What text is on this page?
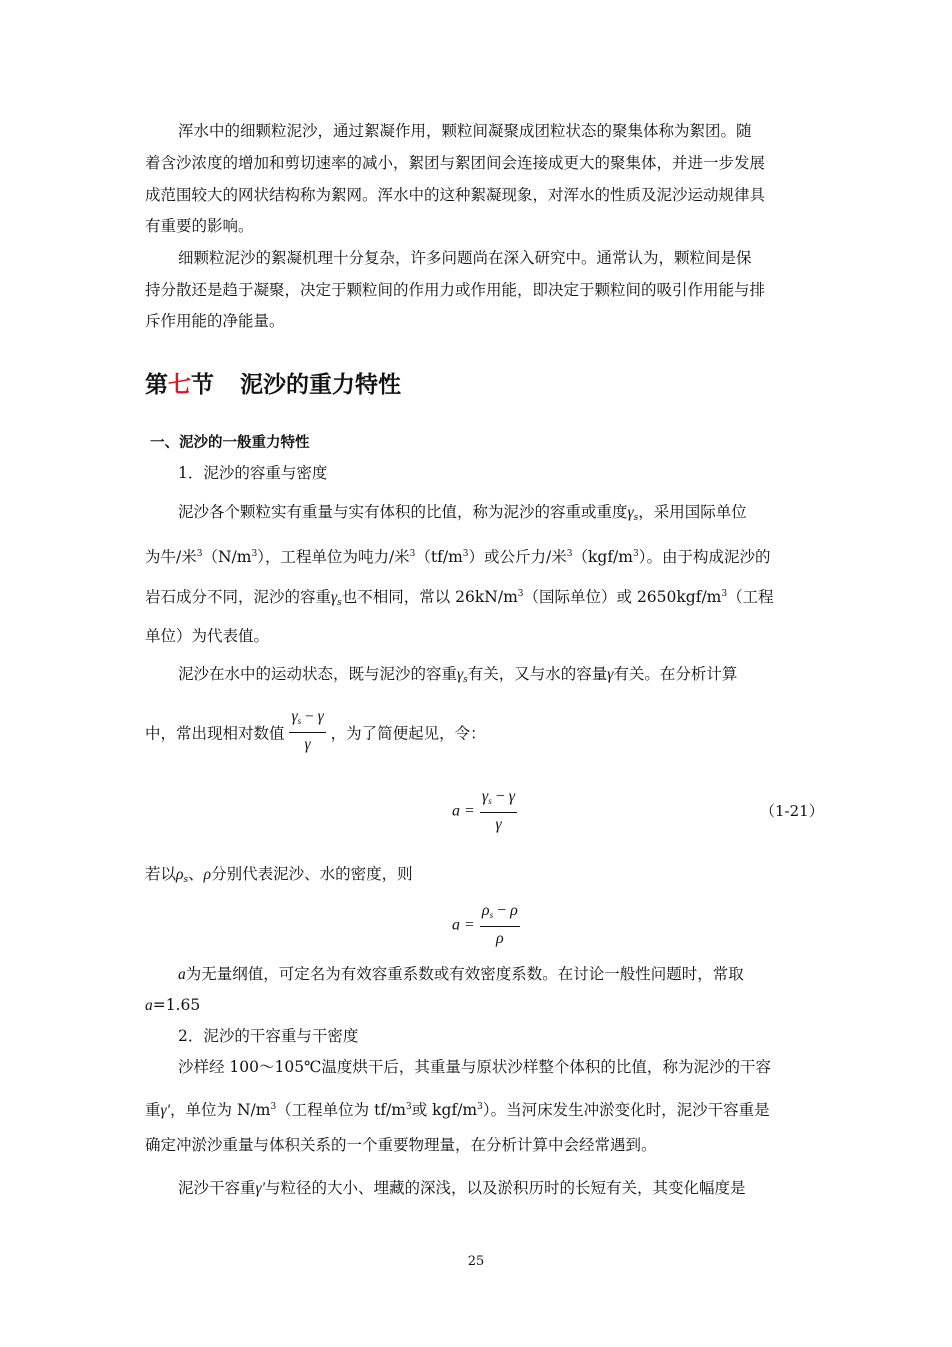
浑水中的细颗粒泥沙，通过絮凝作用，颗粒间凝聚成团粒状态的聚集体称为絮团。随
着含沙浓度的增加和剪切速率的减小，絮团与絮团间会连接成更大的聚集体，并进一步发展
成范围较大的网状结构称为絮网。浑水中的这种絮凝现象，对浑水的性质及泥沙运动规律具
有重要的影响。
细颗粒泥沙的絮凝机理十分复杂，许多问题尚在深入研究中。通常认为，颗粒间是保
持分散还是趋于凝聚，决定于颗粒间的作用力或作用能，即决定于颗粒间的吸引作用能与排
斥作用能的净能量。
第七节 泥沙的重力特性
一、泥沙的一般重力特性
1．泥沙的容重与密度
泥沙各个颗粒实有重量与实有体积的比值，称为泥沙的容重或重度$\gamma_s$，采用国际单位
为牛/米$^3(N/m^3)$，工程单位为吨力/米$^3(tf/m^3)$或公斤力/米$^3(kgf/m^3)$。由于构成泥沙的
岩石成分不同，泥沙的容重$\gamma_s$也不相同，常以 $26kN/m^3$（国际单位）或 $2650kgf/m^3$（工程
单位）为代表值。
泥沙在水中的运动状态，既与泥沙的容重$\gamma_s$有关，又与水的容量γ有关。在分析计算
中，常出现相对数值 $\frac{\gamma_s - \gamma}{\gamma}$ ，为了简便起见，令：
$a = \frac{\gamma_s - \gamma}{\gamma}$	（1-21）
若以$\rho_s$、ρ分别代表泥沙、水的密度，则
$a = \frac{\rho_s - \rho}{\rho}$
a为无量纲值，可定名为有效容重系数或有效密度系数。在讨论一般性问题时，常取
a=1.65
2．泥沙的干容重与干密度
沙样经 100～105℃温度烘干后，其重量与原状沙样整个体积的比值，称为泥沙的干容
重γ′，单位为 $N/m^3$（工程单位为 $tf/m^3$或 kgf/$m^3$）。当河床发生冲淤变化时，泥沙干容重是
确定冲淤沙重量与体积关系的一个重要物理量，在分析计算中会经常遇到。
泥沙干容重γ′与粒径的大小、埋藏的深浅，以及淤积历时的长短有关，其变化幅度是
25
